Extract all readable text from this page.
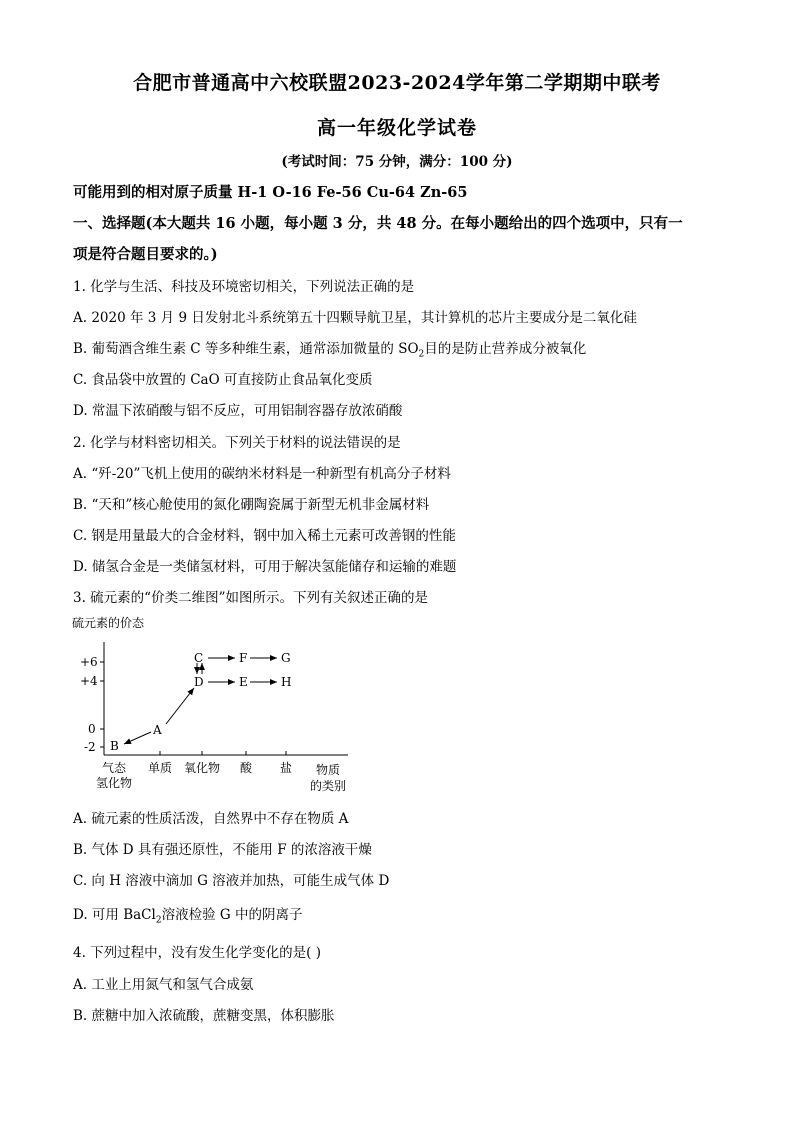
合肥市普通高中六校联盟2023-2024学年第二学期期中联考
高一年级化学试卷
(考试时间：75 分钟，满分：100 分)
可能用到的相对原子质量 H-1 O-16 Fe-56 Cu-64 Zn-65
一、选择题(本大题共 16 小题，每小题 3 分，共 48 分。在每小题给出的四个选项中，只有一
项是符合题目要求的。)
1. 化学与生活、科技及环境密切相关，下列说法正确的是
A. 2020 年 3 月 9 日发射北斗系统第五十四颗导航卫星，其计算机的芯片主要成分是二氧化硅
B. 葡萄酒含维生素 C 等多种维生素，通常添加微量的 $SO_2$目的是防止营养成分被氧化
C. 食品袋中放置的 CaO 可直接防止食品氧化变质
D. 常温下浓硝酸与铝不反应，可用铝制容器存放浓硝酸
2. 化学与材料密切相关。下列关于材料的说法错误的是
A. “歼-20”飞机上使用的碳纳米材料是一种新型有机高分子材料
B. “天和”核心舱使用的氮化硼陶瓷属于新型无机非金属材料
C. 钢是用量最大的合金材料，钢中加入稀土元素可改善钢的性能
D. 储氢合金是一类储氢材料，可用于解决氢能储存和运输的难题
3. 硫元素的“价类二维图”如图所示。下列有关叙述正确的是
硫元素的价态
+6
+4
0
-2
气态
氢化物
单质 氧化物 酸 盐 物质
的类别
C	F	G
D	E	H
A
B
A. 硫元素的性质活泼，自然界中不存在物质 A
B. 气体 D 具有强还原性，不能用 F 的浓溶液干燥
C. 向 H 溶液中滴加 G 溶液并加热，可能生成气体 D
D. 可用 BaCl$_2$溶液检验 G 中的阴离子
4. 下列过程中，没有发生化学变化的是( )
A. 工业上用氮气和氢气合成氨
B. 蔗糖中加入浓硫酸，蔗糖变黑，体积膨胀
